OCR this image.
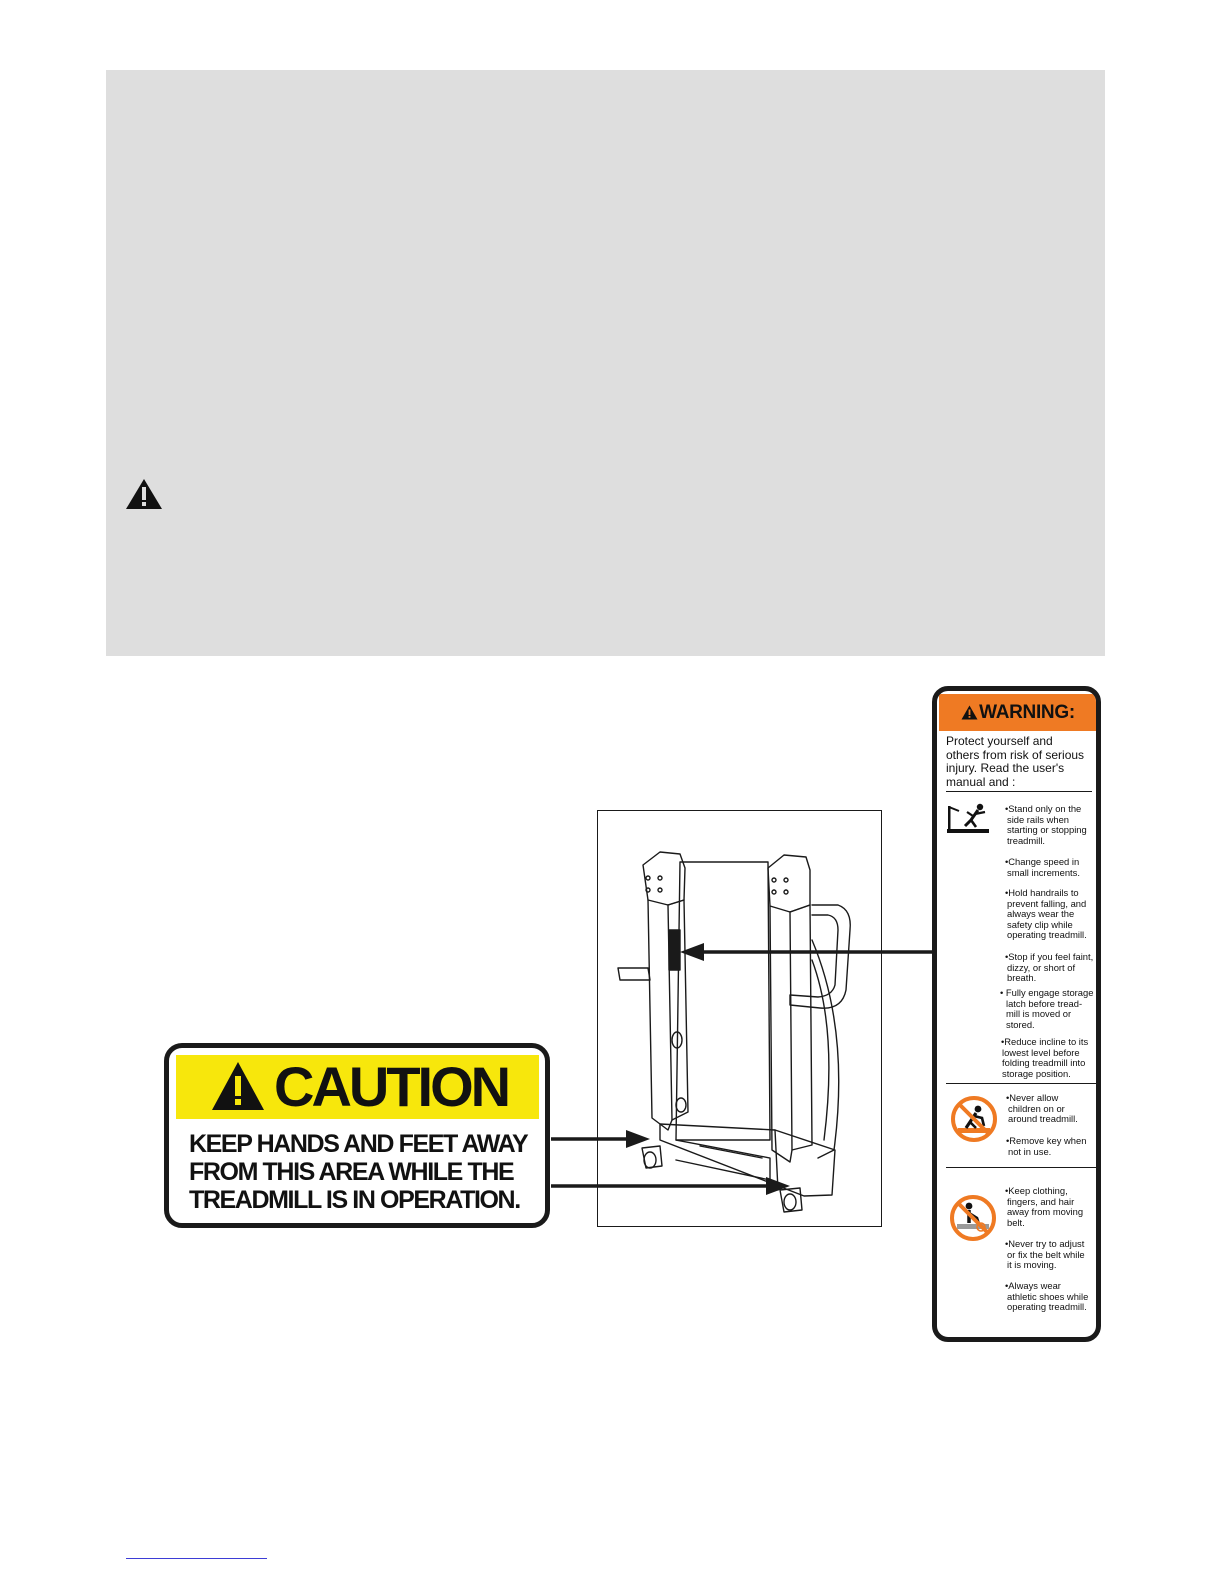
CAUTION
KEEP HANDS AND FEET AWAY
FROM THIS AREA WHILE THE
TREADMILL IS IN OPERATION.
WARNING:
Protect yourself and
others from risk of serious
injury. Read the user's
manual and :
•Stand only on the
side rails when
starting or stopping
treadmill.
•Change speed in
small increments.
•Hold handrails to
prevent falling, and
always wear the
safety clip while
operating treadmill.
•Stop if you feel faint,
dizzy, or short of
breath.
• Fully engage storage
latch before tread-
mill is moved or
stored.
•Reduce incline to its
lowest level before
folding treadmill into
storage position.
•Never allow
children on or
around treadmill.
•Remove key when
not in use.
•Keep clothing,
fingers, and hair
away from moving
belt.
•Never try to adjust
or fix the belt while
it is moving.
•Always wear
athletic shoes while
operating treadmill.
